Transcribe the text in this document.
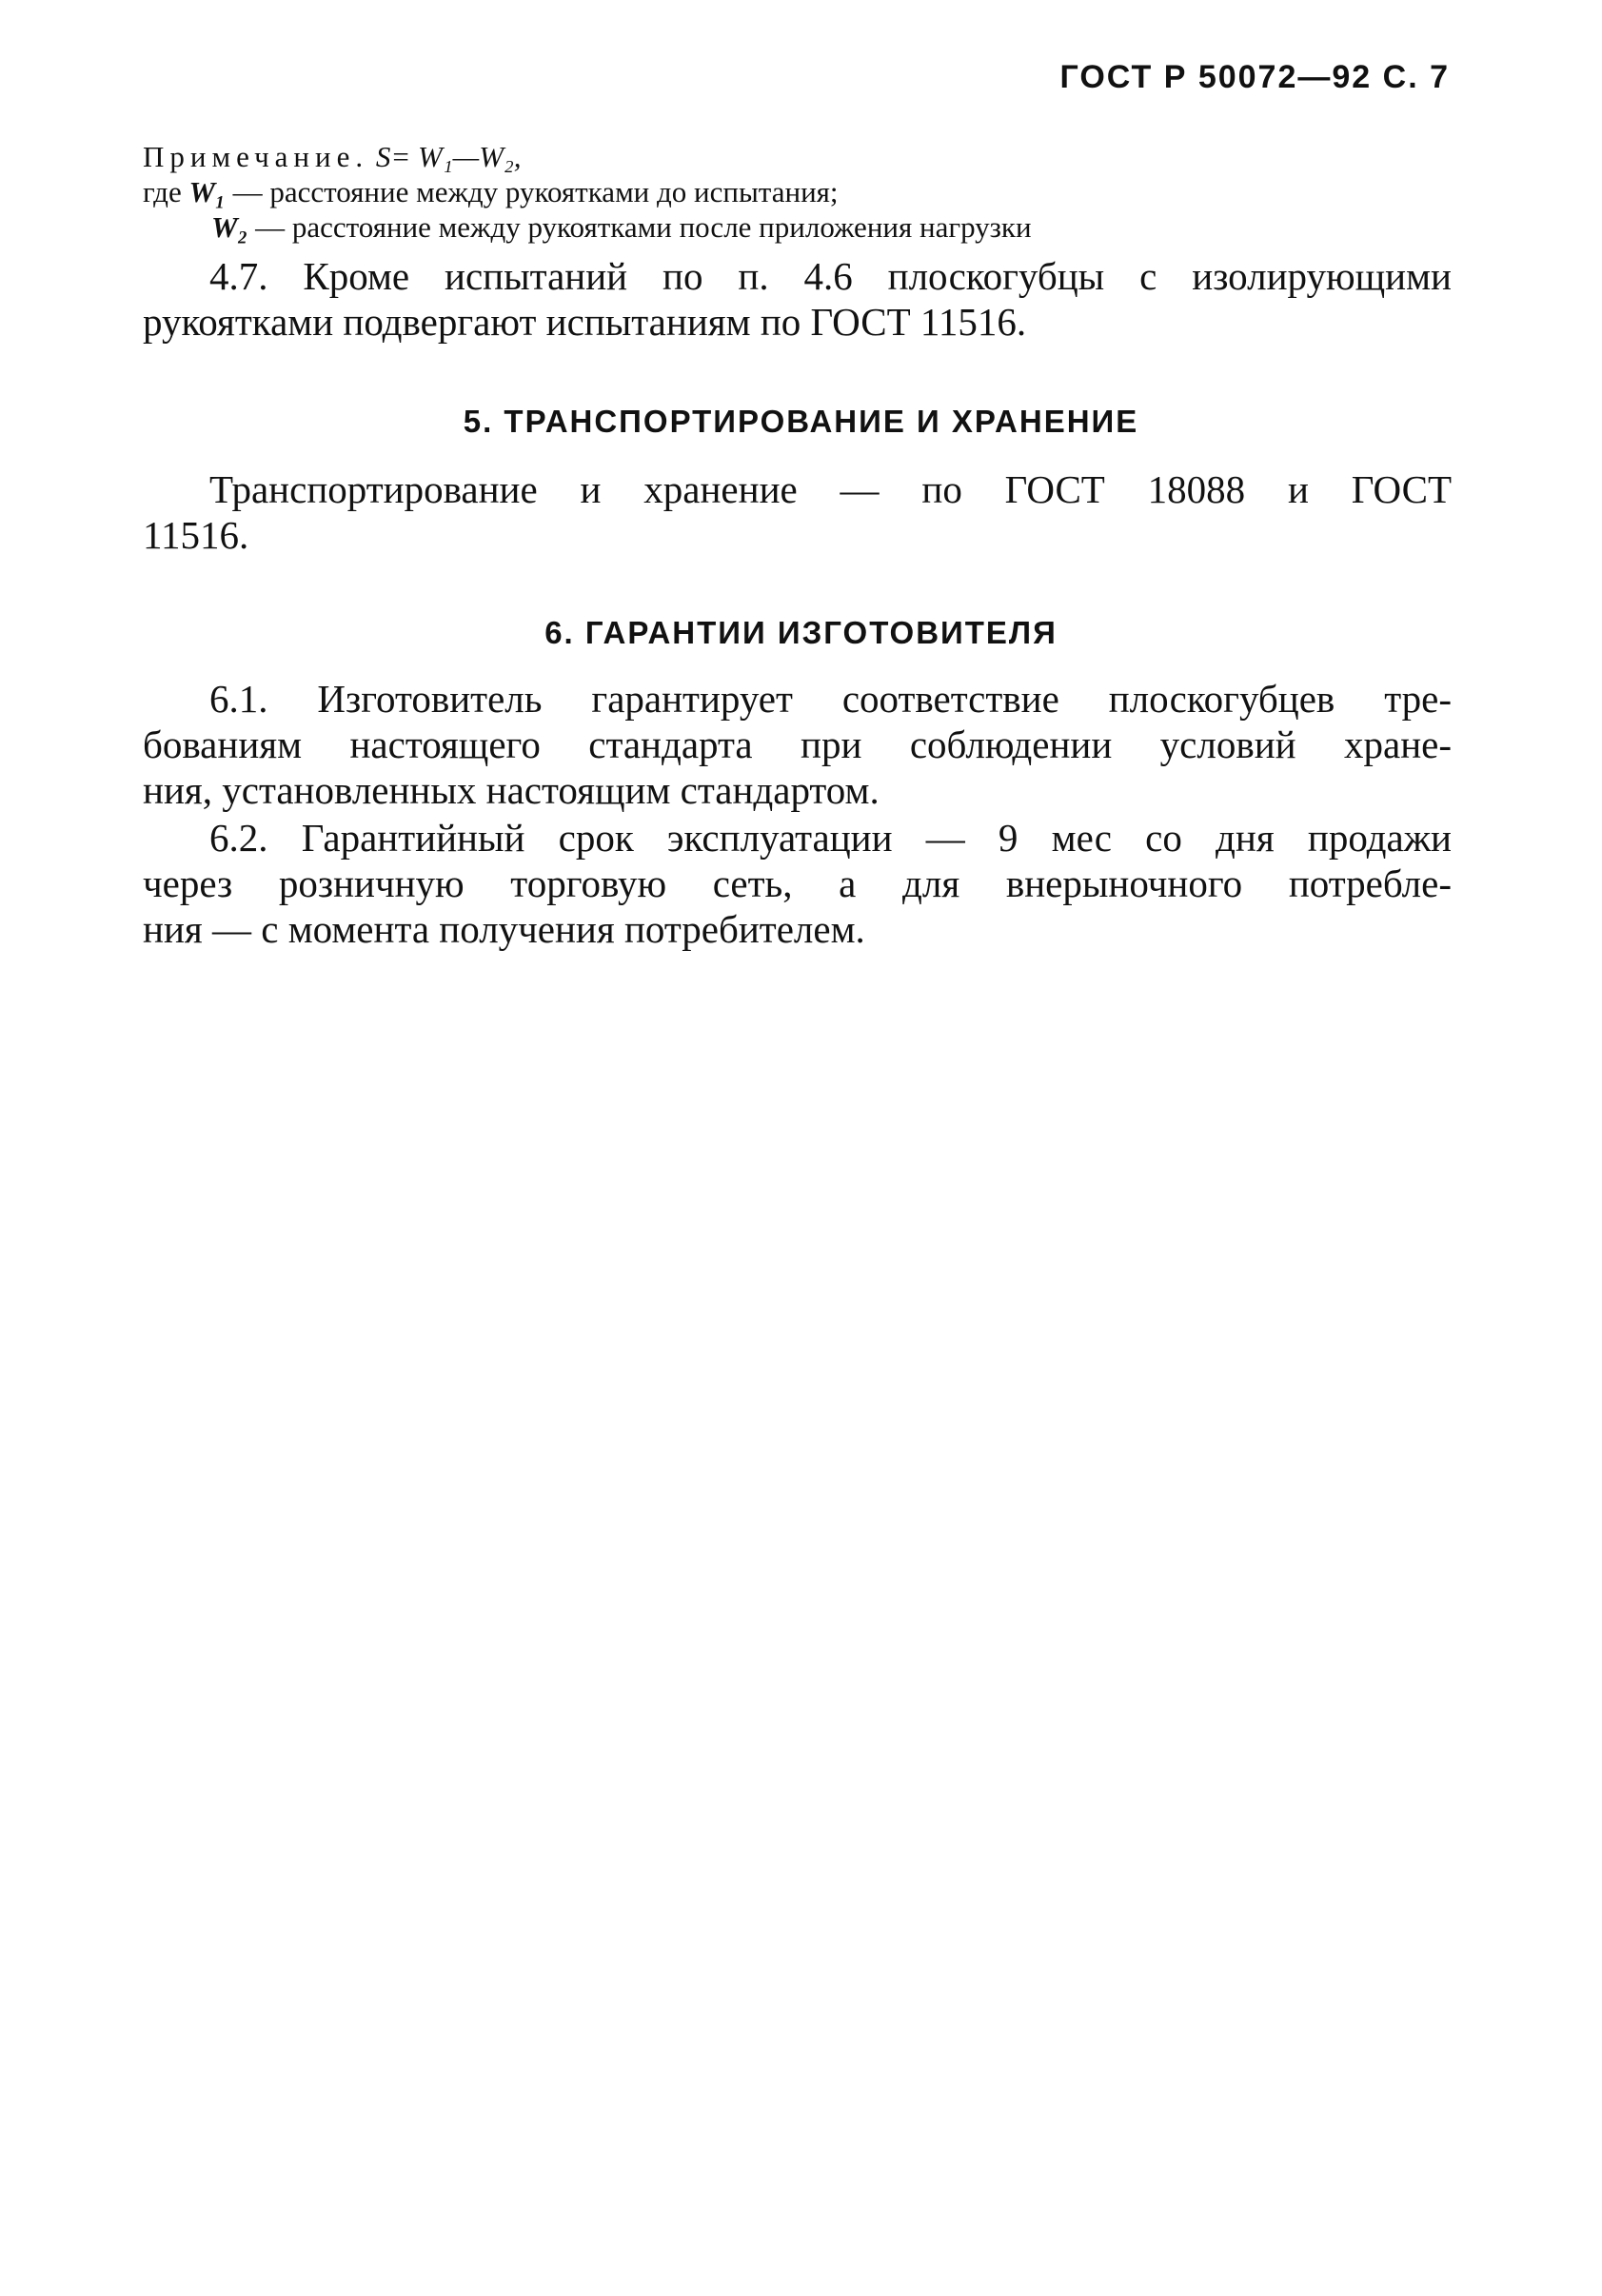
ГОСТ Р 50072—92 С. 7
Примечание. S= W₁—W₂,
где W₁ — расстояние между рукоятками до испытания;
W₂ — расстояние между рукоятками после приложения нагрузки
4.7. Кроме испытаний по п. 4.6 плоскогубцы с изолирующими
рукоятками подвергают испытаниям по ГОСТ 11516.
5. ТРАНСПОРТИРОВАНИЕ И ХРАНЕНИЕ
Транспортирование и хранение — по ГОСТ 18088 и ГОСТ
11516.
6. ГАРАНТИИ ИЗГОТОВИТЕЛЯ
6.1. Изготовитель гарантирует соответствие плоскогубцев тре-
бованиям настоящего стандарта при соблюдении условий хране-
ния, установленных настоящим стандартом.
6.2. Гарантийный срок эксплуатации — 9 мес со дня продажи
через розничную торговую сеть, а для внерыночного потребле-
ния — с момента получения потребителем.
